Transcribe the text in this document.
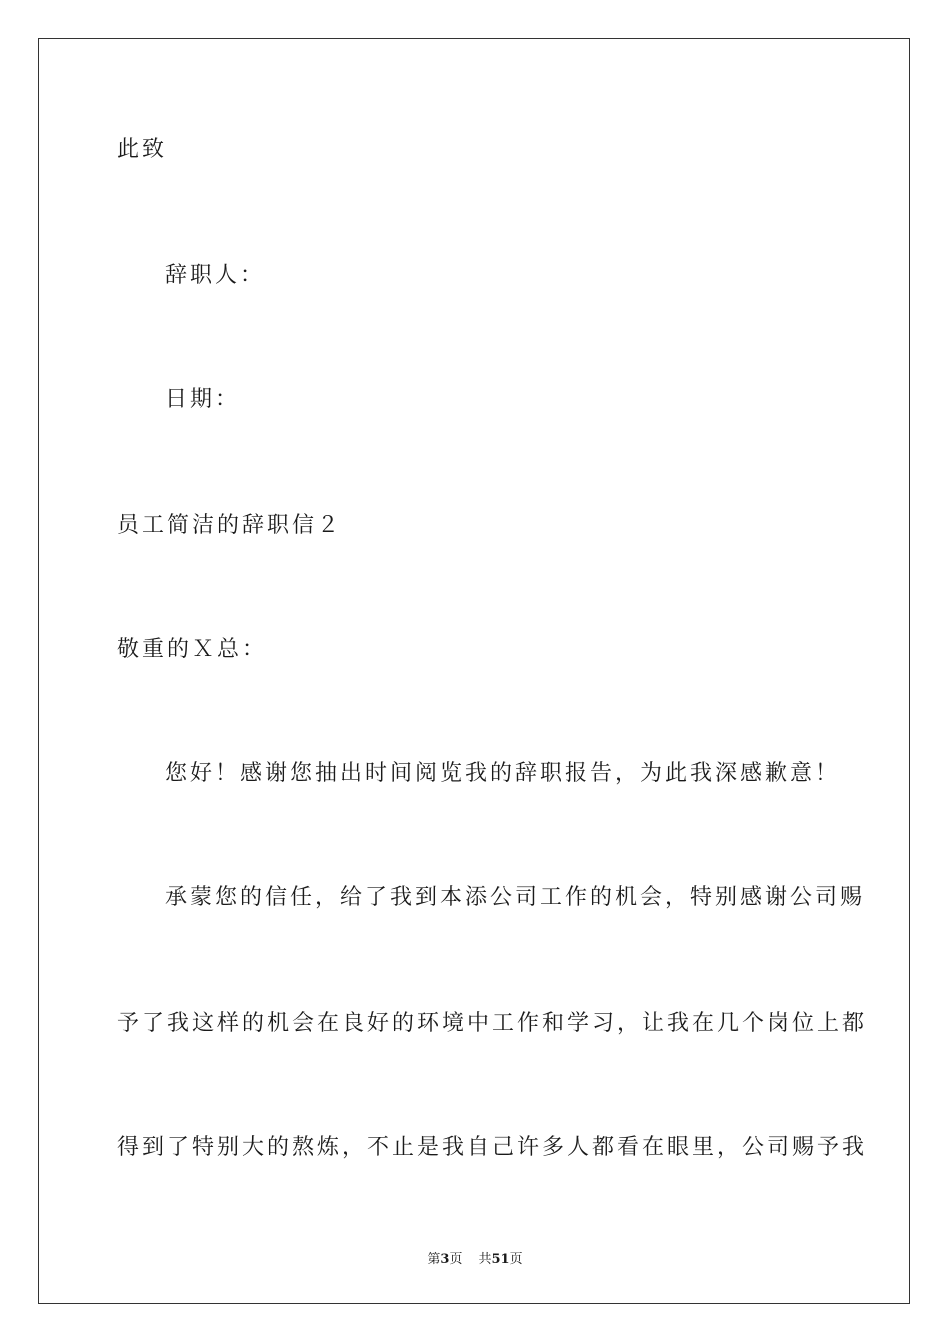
此致
辞职人：
日期：
员工简洁的辞职信２
敬重的Ｘ总：
您好！感谢您抽出时间阅览我的辞职报告，为此我深感歉意！
承蒙您的信任，给了我到本添公司工作的机会，特别感谢公司赐
予了我这样的机会在良好的环境中工作和学习，让我在几个岗位上都
得到了特别大的熬炼，不止是我自己许多人都看在眼里，公司赐予我
第3页 共51页
